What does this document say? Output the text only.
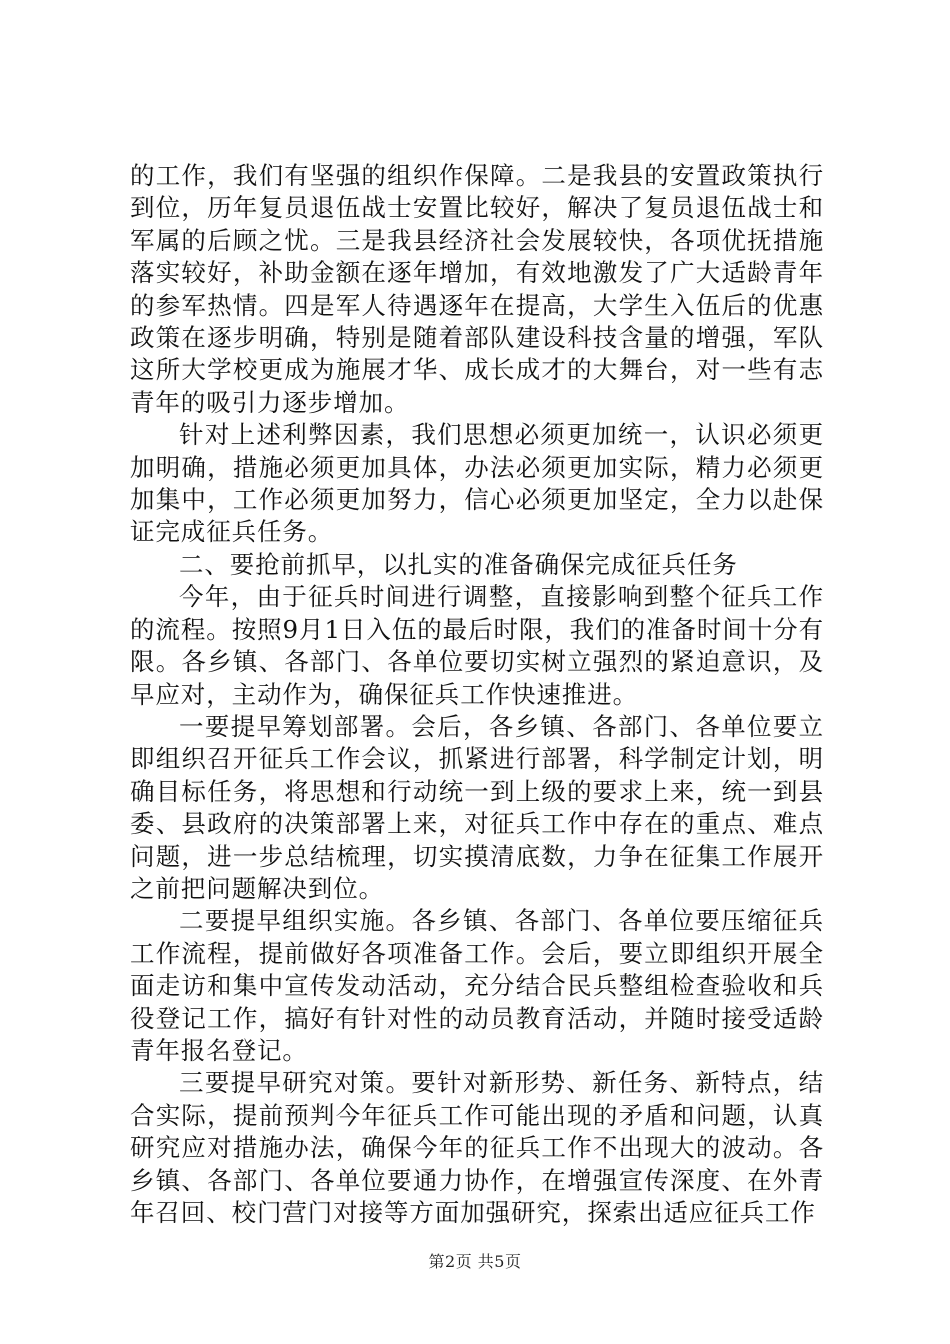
的工作，我们有坚强的组织作保障。二是我县的安置政策执行到位，历年复员退伍战士安置比较好，解决了复员退伍战士和军属的后顾之忧。三是我县经济社会发展较快，各项优抚措施落实较好，补助金额在逐年增加，有效地激发了广大适龄青年的参军热情。四是军人待遇逐年在提高，大学生入伍后的优惠政策在逐步明确，特别是随着部队建设科技含量的增强，军队这所大学校更成为施展才华、成长成才的大舞台，对一些有志青年的吸引力逐步增加。

针对上述利弊因素，我们思想必须更加统一，认识必须更加明确，措施必须更加具体，办法必须更加实际，精力必须更加集中，工作必须更加努力，信心必须更加坚定，全力以赴保证完成征兵任务。

二、要抢前抓早，以扎实的准备确保完成征兵任务

今年，由于征兵时间进行调整，直接影响到整个征兵工作的流程。按照9月1日入伍的最后时限，我们的准备时间十分有限。各乡镇、各部门、各单位要切实树立强烈的紧迫意识，及早应对，主动作为，确保征兵工作快速推进。

一要提早筹划部署。会后，各乡镇、各部门、各单位要立即组织召开征兵工作会议，抓紧进行部署，科学制定计划，明确目标任务，将思想和行动统一到上级的要求上来，统一到县委、县政府的决策部署上来，对征兵工作中存在的重点、难点问题，进一步总结梳理，切实摸清底数，力争在征集工作展开之前把问题解决到位。

二要提早组织实施。各乡镇、各部门、各单位要压缩征兵工作流程，提前做好各项准备工作。会后，要立即组织开展全面走访和集中宣传发动活动，充分结合民兵整组检查验收和兵役登记工作，搞好有针对性的动员教育活动，并随时接受适龄青年报名登记。

三要提早研究对策。要针对新形势、新任务、新特点，结合实际，提前预判今年征兵工作可能出现的矛盾和问题，认真研究应对措施办法，确保今年的征兵工作不出现大的波动。各乡镇、各部门、各单位要通力协作，在增强宣传深度、在外青年召回、校门营门对接等方面加强研究，探索出适应征兵工作

第2页 共5页
